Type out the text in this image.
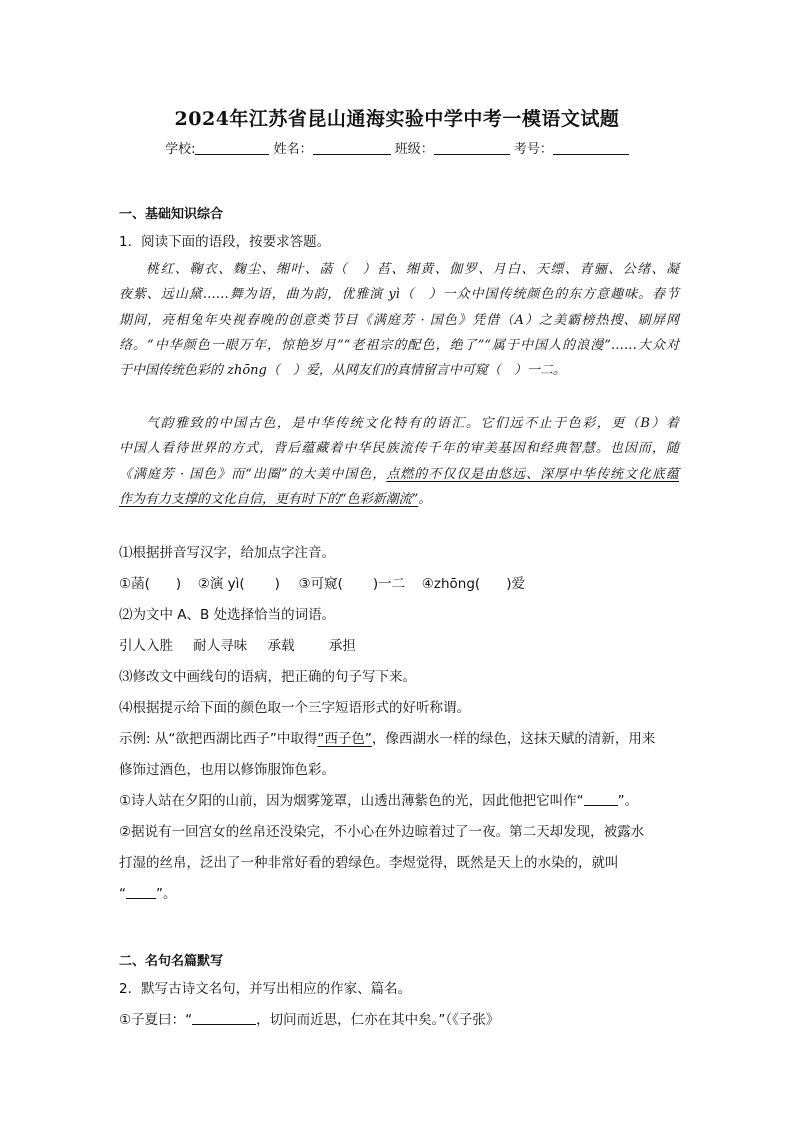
2024年江苏省昆山通海实验中学中考一模语文试题
学校:	姓名：	班级：	考号：
一、基础知识综合
1．阅读下面的语段，按要求答题。

桃红、鞠衣、麴尘、缃叶、菡（　）萏、缃黄、伽罗、月白、天缥、青骊、公绪、凝

夜紫、远山黛……舞为语，曲为韵，优雅演 yì（　）一众中国传统颜色的东方意趣味。春节

期间，亮相兔年央视春晚的创意类节目《满庭芳 · 国色》凭借（A）之美霸榜热搜、刷屏网

络。“中华颜色一眼万年，惊艳岁月”“老祖宗的配色，绝了”“属于中国人的浪漫”……大众对

于中国传统色彩的 zhōng（　）爱，从网友们的真情留言中可窥（　）一二。

气韵雅致的中国古色，是中华传统文化特有的语汇。它们远不止于色彩，更（B）着

中国人看待世界的方式，背后蕴藏着中华民族流传千年的审美基因和经典智慧。也因而，随

《满庭芳 · 国色》而“出圈”的大美中国色，点燃的不仅仅是由悠远、深厚中华传统文化底蕴

作为有力支撑的文化自信，更有时下的“色彩新潮流”。

⑴根据拼音写汉字，给加点字注音。
①菡( ) ②演 yì( ) ③可窥( )一二 ④zhōng( )爱
⑵为文中 A、B 处选择恰当的词语。
引人入胜 耐人寻味 承载	承担
⑶修改文中画线句的语病，把正确的句子写下来。
⑷根据提示给下面的颜色取一个三字短语形式的好听称谓。
示例: 从“欲把西湖比西子”中取得“西子色”，像西湖水一样的绿色，这抹天赋的清新，用来
修饰过酒色，也用以修饰服饰色彩。
①诗人站在夕阳的山前，因为烟雾笼罩，山透出薄紫色的光，因此他把它叫作“	”。
②据说有一回宫女的丝帛还没染完，不小心在外边晾着过了一夜。第二天却发现，被露水
打湿的丝帛，泛出了一种非常好看的碧绿色。李煜觉得，既然是天上的水染的，就叫
“ ”。
二、名句名篇默写
2．默写古诗文名句，并写出相应的作家、篇名。
①子夏曰：“	，切问而近思，仁亦在其中矣。”（《子张》
